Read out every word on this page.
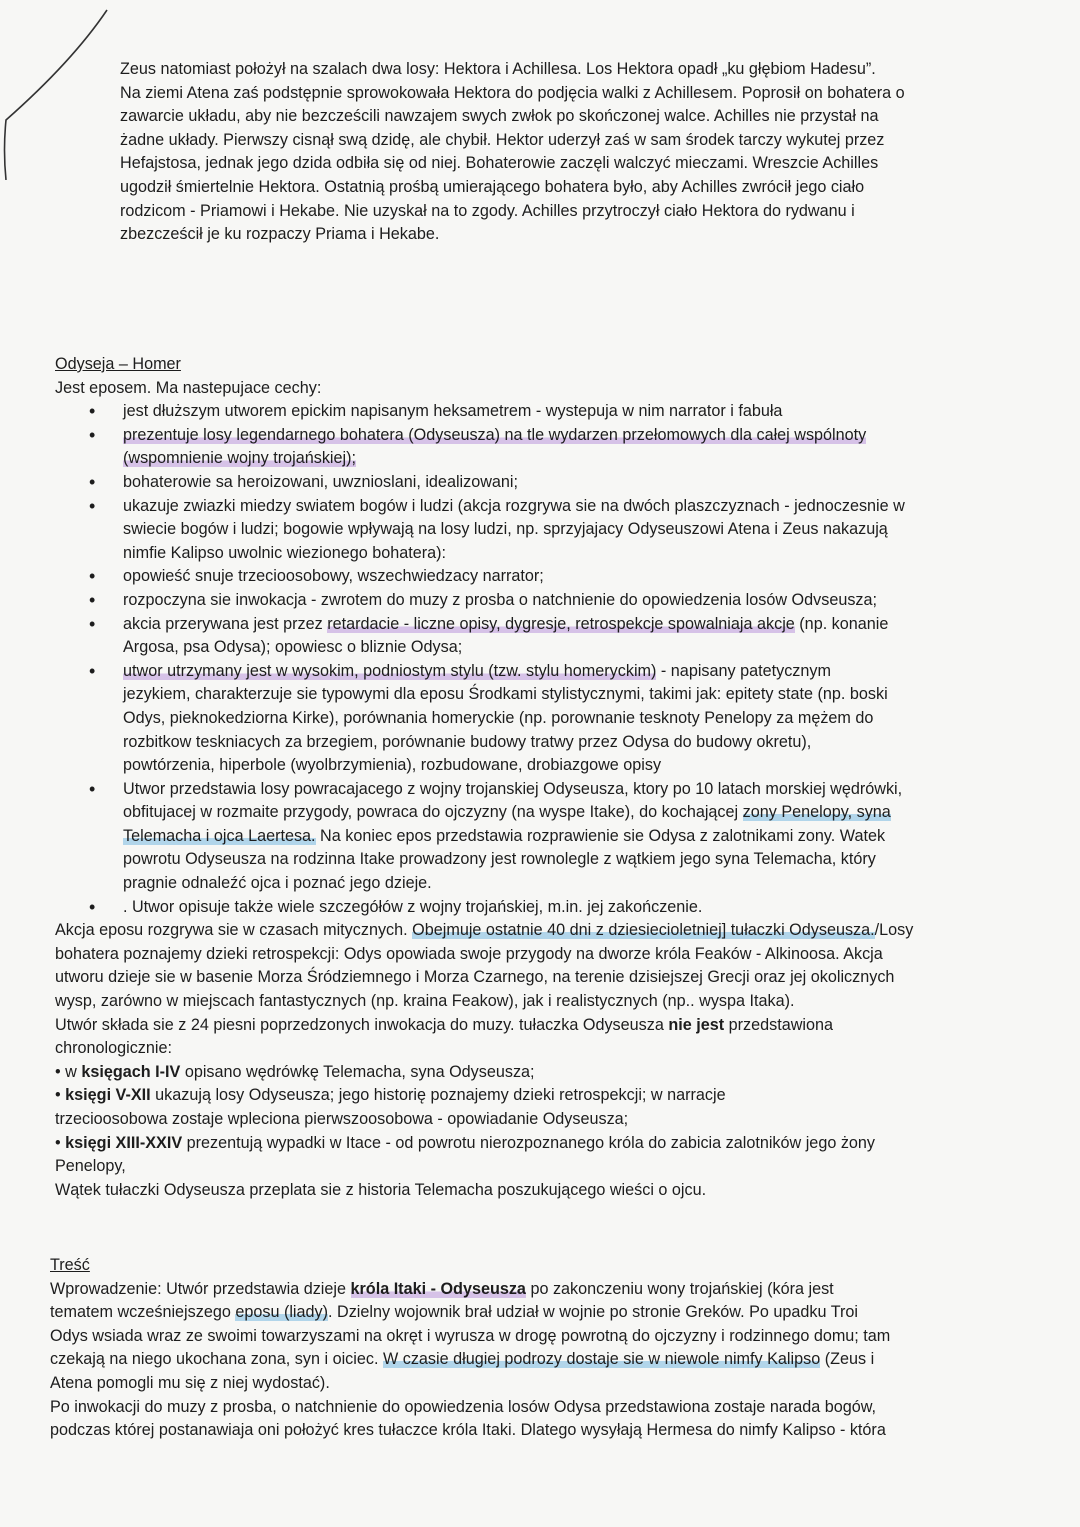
Zeus natomiast położył na szalach dwa losy: Hektora i Achillesa. Los Hektora opadł „ku głębiom Hadesu”.

Na ziemi Atena zaś podstępnie sprowokowała Hektora do podjęcia walki z Achillesem. Poprosił on bohatera o

zawarcie układu, aby nie bezcześcili nawzajem swych zwłok po skończonej walce. Achilles nie przystał na

żadne układy. Pierwszy cisnął swą dzidę, ale chybił. Hektor uderzył zaś w sam środek tarczy wykutej przez

Hefajstosa, jednak jego dzida odbiła się od niej. Bohaterowie zaczęli walczyć mieczami. Wreszcie Achilles

ugodził śmiertelnie Hektora. Ostatnią prośbą umierającego bohatera było, aby Achilles zwrócił jego ciało

rodzicom - Priamowi i Hekabe. Nie uzyskał na to zgody. Achilles przytroczył ciało Hektora do rydwanu i

zbezcześcił je ku rozpaczy Priama i Hekabe.

Odyseja – Homer

Jest eposem. Ma nastepujace cechy:

• jest dłuższym utworem epickim napisanym heksametrem - wystepuja w nim narrator i fabuła
• prezentuje losy legendarnego bohatera (Odyseusza) na tle wydarzen przełomowych dla całej wspólnoty
(wspomnienie wojny trojańskiej);
• bohaterowie sa heroizowani, uwznioslani, idealizowani;
• ukazuje zwiazki miedzy swiatem bogów i ludzi (akcja rozgrywa sie na dwóch plaszczyznach - jednoczesnie w
swiecie bogów i ludzi; bogowie wpływają na losy ludzi, np. sprzyjajacy Odyseuszowi Atena i Zeus nakazują
nimfie Kalipso uwolnic wiezionego bohatera):
• opowieść snuje trzecioosobowy, wszechwiedzacy narrator;
• rozpoczyna sie inwokacja - zwrotem do muzy z prosba o natchnienie do opowiedzenia losów Odvseusza;
• akcia przerywana jest przez retardacie - liczne opisy, dygresje, retrospekcje spowalniaja akcje (np. konanie
Argosa, psa Odysa); opowiesc o bliznie Odysa;
• utwor utrzymany jest w wysokim, podniostym stylu (tzw. stylu homeryckim) - napisany patetycznym
jezykiem, charakterzuje sie typowymi dla eposu Środkami stylistycznymi, takimi jak: epitety state (np. boski
Odys, pieknokedziorna Kirke), porównania homeryckie (np. porownanie tesknoty Penelopy za mężem do
rozbitkow teskniacych za brzegiem, porównanie budowy tratwy przez Odysa do budowy okretu),
powtórzenia, hiperbole (wyolbrzymienia), rozbudowane, drobiazgowe opisy
• Utwor przedstawia losy powracajacego z wojny trojanskiej Odyseusza, ktory po 10 latach morskiej wędrówki,
obfitujacej w rozmaite przygody, powraca do ojczyzny (na wyspe Itake), do kochającej zony Penelopy, syna
Telemacha i ojca Laertesa. Na koniec epos przedstawia rozprawienie sie Odysa z zalotnikami zony. Watek
powrotu Odyseusza na rodzinna Itake prowadzony jest rownolegle z wątkiem jego syna Telemacha, który
pragnie odnaleźć ojca i poznać jego dzieje.
• . Utwor opisuje także wiele szczegółów z wojny trojańskiej, m.in. jej zakończenie.

Akcja eposu rozgrywa sie w czasach mitycznych. Obejmuje ostatnie 40 dni z dziesiecioletniej] tułaczki Odyseusza./Losy
bohatera poznajemy dzieki retrospekcji: Odys opowiada swoje przygody na dworze króla Feaków - Alkinoosa. Akcja
utworu dzieje sie w basenie Morza Śródziemnego i Morza Czarnego, na terenie dzisiejszej Grecji oraz jej okolicznych
wysp, zarówno w miejscach fantastycznych (np. kraina Feakow), jak i realistycznych (np.. wyspa Itaka).

Utwór składa sie z 24 piesni poprzedzonych inwokacja do muzy. tułaczka Odyseusza nie jest przedstawiona
chronologicznie:
• w księgach I-IV opisano wędrówkę Telemacha, syna Odyseusza;
• księgi V-XII ukazują losy Odyseusza; jego historię poznajemy dzieki retrospekcji; w narracje
trzecioosobowa zostaje wpleciona pierwszoosobowa - opowiadanie Odyseusza;
• księgi XIII-XXIV prezentują wypadki w Itace - od powrotu nierozpoznanego króla do zabicia zalotników jego żony
Penelopy,
Wątek tułaczki Odyseusza przeplata sie z historia Telemacha poszukującego wieści o ojcu.

Treść

Wprowadzenie: Utwór przedstawia dzieje króla Itaki - Odyseusza po zakonczeniu wony trojańskiej (kóra jest
tematem wcześniejszego eposu (liady). Dzielny wojownik brał udział w wojnie po stronie Greków. Po upadku Troi
Odys wsiada wraz ze swoimi towarzyszami na okręt i wyrusza w drogę powrotną do ojczyzny i rodzinnego domu; tam
czekają na niego ukochana zona, syn i oiciec. W czasie długiej podrozy dostaje sie w niewole nimfy Kalipso (Zeus i
Atena pomogli mu się z niej wydostać).

Po inwokacji do muzy z prosba, o natchnienie do opowiedzenia losów Odysa przedstawiona zostaje narada bogów,
podczas której postanawiaja oni położyć kres tułaczce króla Itaki. Dlatego wysyłają Hermesa do nimfy Kalipso - która
